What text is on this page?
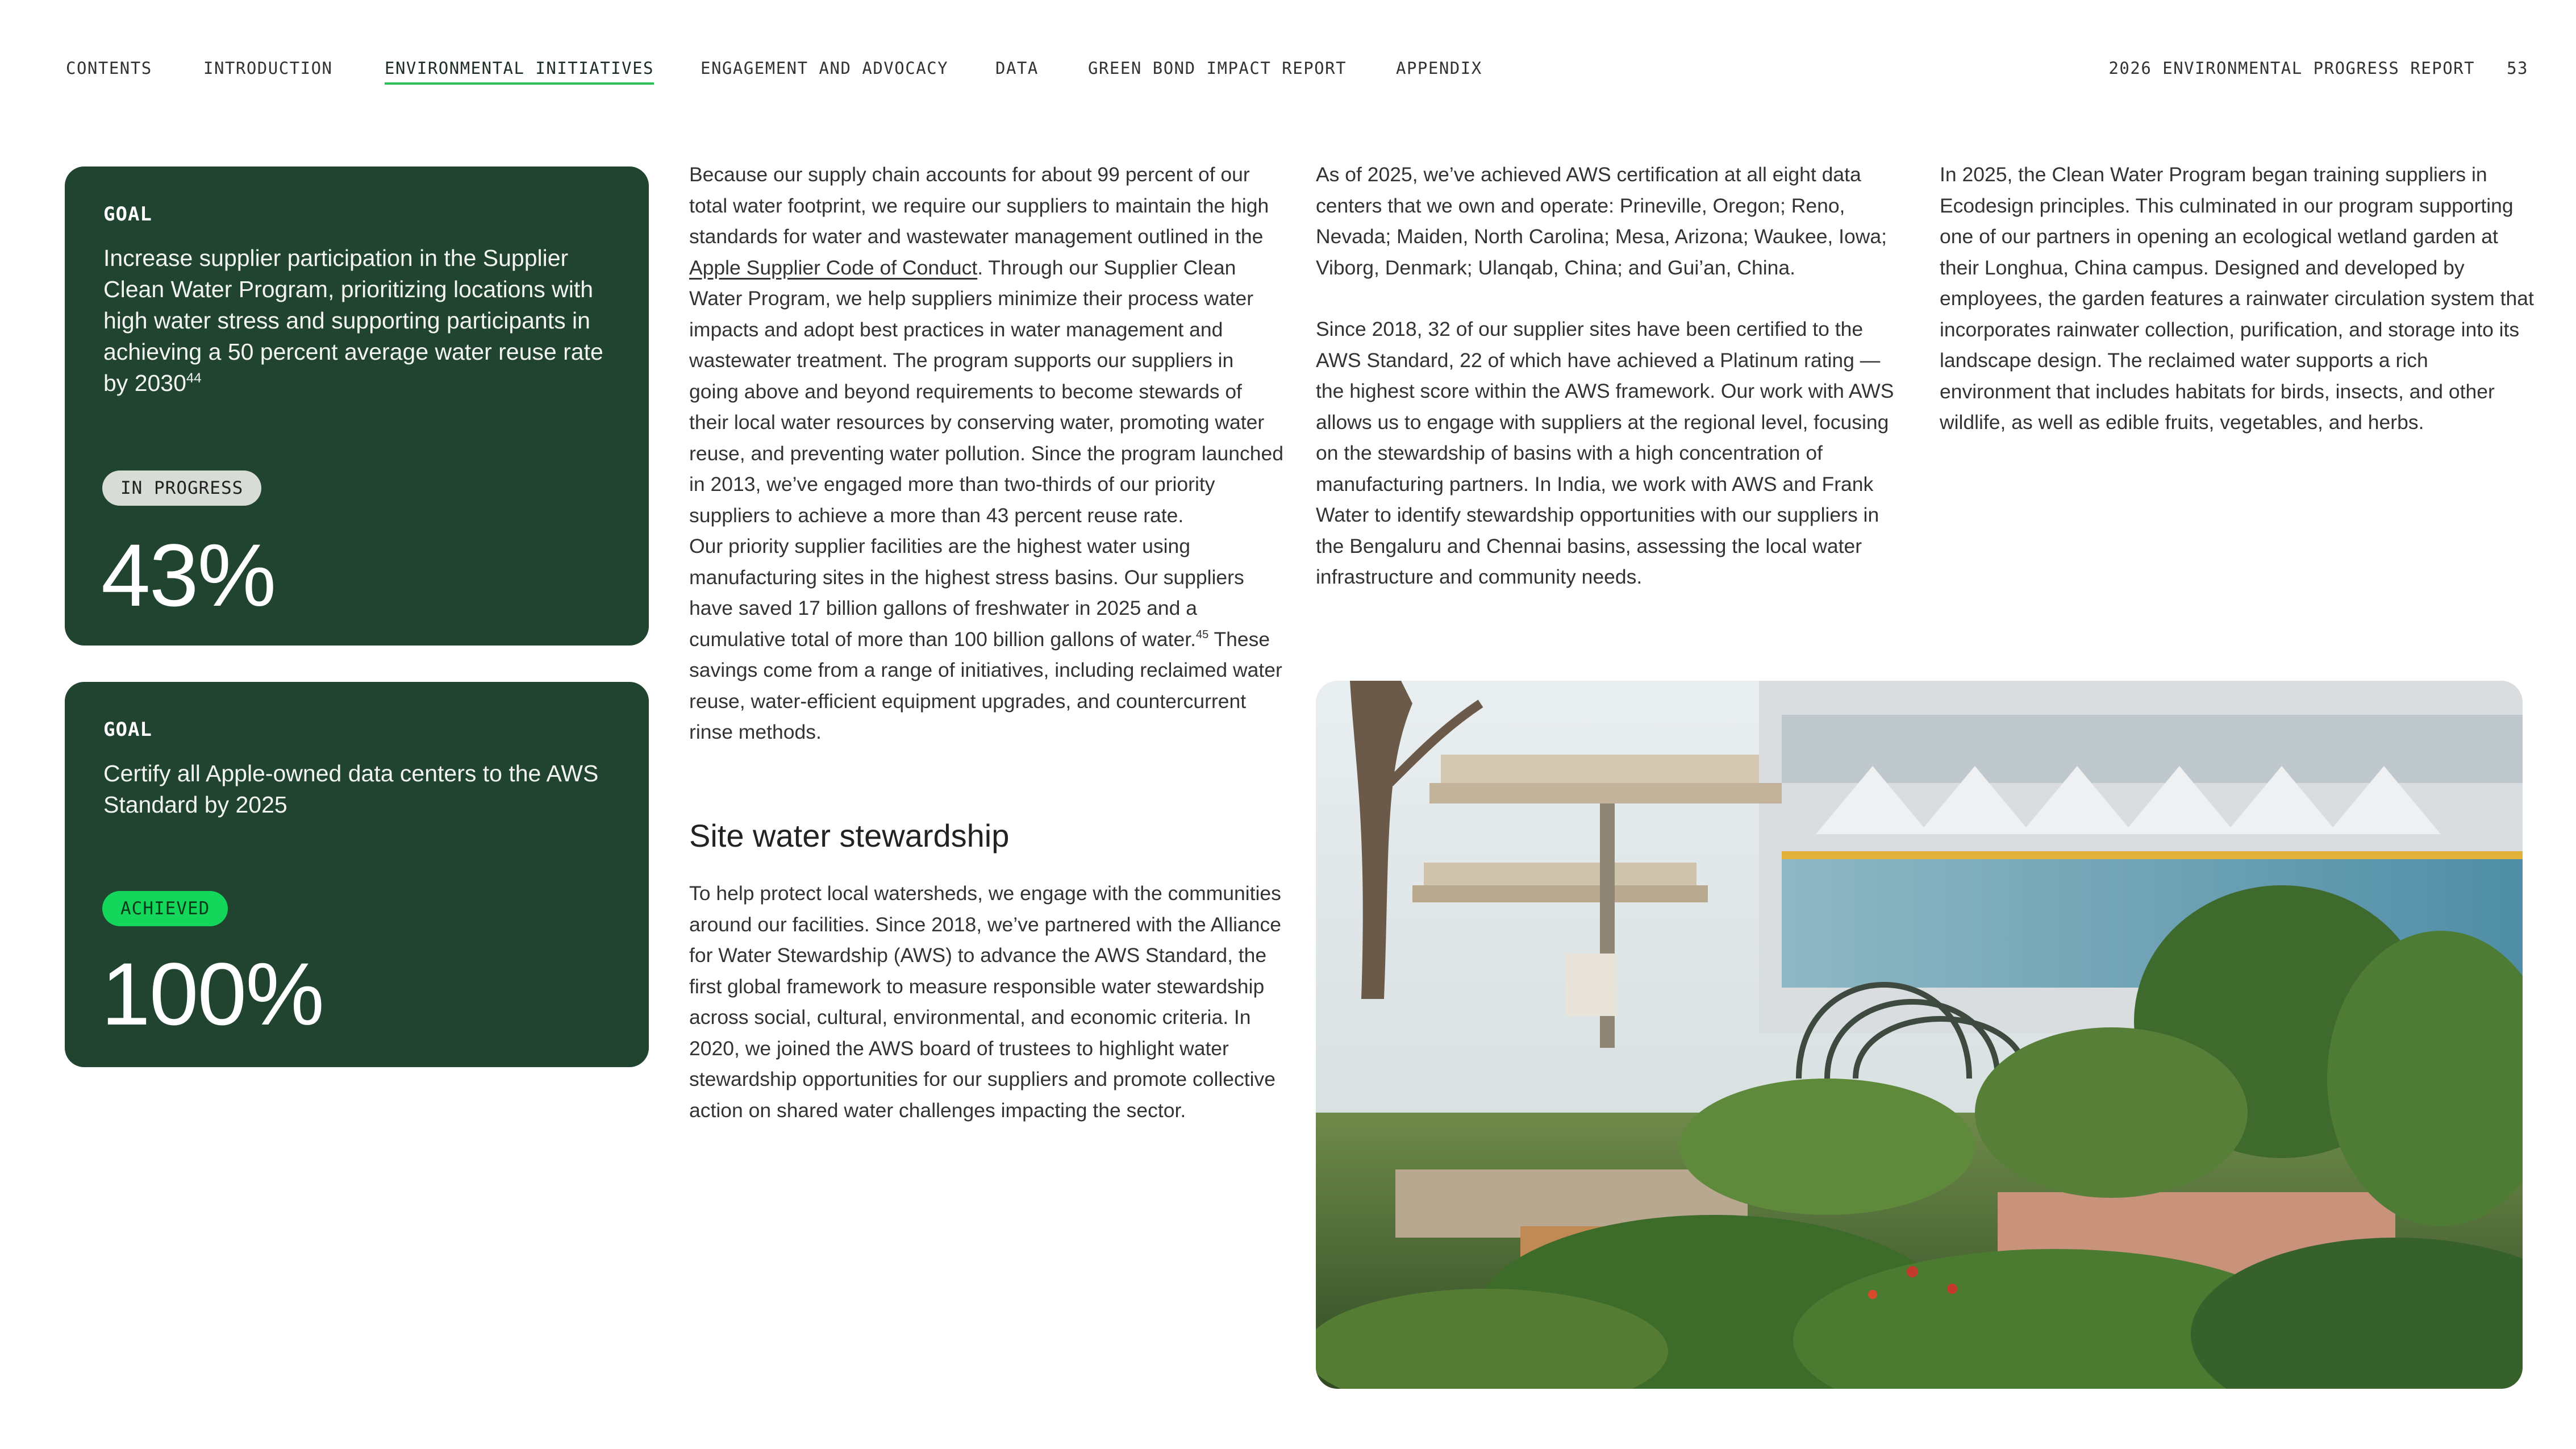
CONTENTS	INTRODUCTION	ENVIRONMENTAL INITIATIVES	ENGAGEMENT AND ADVOCACY	DATA	GREEN BOND IMPACT REPORT	APPENDIX	2026 ENVIRONMENTAL PROGRESS REPORT 53
GOAL
Increase supplier participation in the Supplier Clean Water Program, prioritizing locations with high water stress and supporting participants in achieving a 50 percent average water reuse rate by 2030$^{44}$
IN PROGRESS
43%
GOAL
Certify all Apple-owned data centers to the AWS Standard by 2025
ACHIEVED
100%

Because our supply chain accounts for about 99 percent of our total water footprint, we require our suppliers to maintain the high standards for water and wastewater management outlined in the Apple Supplier Code of Conduct. Through our Supplier Clean Water Program, we help suppliers minimize their process water impacts and adopt best practices in water management and wastewater treatment. The program supports our suppliers in going above and beyond requirements to become stewards of their local water resources by conserving water, promoting water reuse, and preventing water pollution. Since the program launched in 2013, we’ve engaged more than two-thirds of our priority suppliers to achieve a more than 43 percent reuse rate.

Our priority supplier facilities are the highest water using manufacturing sites in the highest stress basins. Our suppliers have saved 17 billion gallons of freshwater in 2025 and a cumulative total of more than 100 billion gallons of water.$^{45}$ These savings come from a range of initiatives, including reclaimed water reuse, water-efficient equipment upgrades, and countercurrent rinse methods.

Site water stewardship

To help protect local watersheds, we engage with the communities around our facilities. Since 2018, we’ve partnered with the Alliance for Water Stewardship (AWS) to advance the AWS Standard, the first global framework to measure responsible water stewardship across social, cultural, environmental, and economic criteria. In 2020, we joined the AWS board of trustees to highlight water stewardship opportunities for our suppliers and promote collective action on shared water challenges impacting the sector.

As of 2025, we’ve achieved AWS certification at all eight data centers that we own and operate: Prineville, Oregon; Reno, Nevada; Maiden, North Carolina; Mesa, Arizona; Waukee, Iowa; Viborg, Denmark; Ulanqab, China; and Gui’an, China.

Since 2018, 32 of our supplier sites have been certified to the AWS Standard, 22 of which have achieved a Platinum rating — the highest score within the AWS framework. Our work with AWS allows us to engage with suppliers at the regional level, focusing on the stewardship of basins with a high concentration of manufacturing partners. In India, we work with AWS and Frank Water to identify stewardship opportunities with our suppliers in the Bengaluru and Chennai basins, assessing the local water infrastructure and community needs.

In 2025, the Clean Water Program began training suppliers in Ecodesign principles. This culminated in our program supporting one of our partners in opening an ecological wetland garden at their Longhua, China campus. Designed and developed by employees, the garden features a rainwater circulation system that incorporates rainwater collection, purification, and storage into its landscape design. The reclaimed water supports a rich environment that includes habitats for birds, insects, and other wildlife, as well as edible fruits, vegetables, and herbs.
